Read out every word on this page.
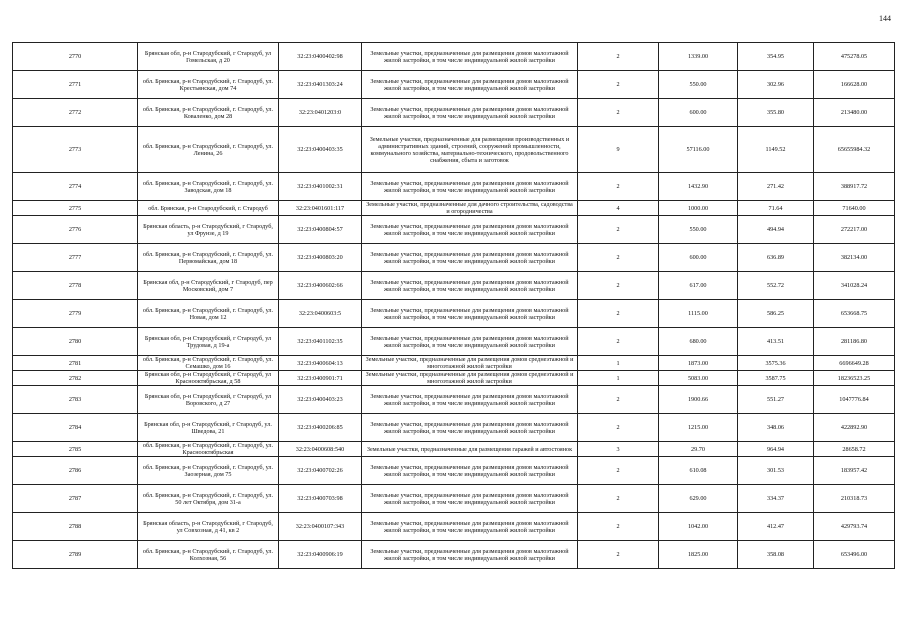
144
2770	Брянская обл, р-н Стародубский, г Стародуб, ул Гомельская, д 20	32:23:0400402:98	Земельные участки, предназначенные для размещения домов малоэтажной жилой застройки, в том числе индивидуальной жилой застройки	2	1339.00	354.95	475278.05
2771	обл. Брянская, р-н Стародубский, г. Стародуб, ул. Крестьянская, дом 74	32:23:0401303:24	Земельные участки, предназначенные для размещения домов малоэтажной жилой застройки, в том числе индивидуальной жилой застройки	2	550.00	302.96	166628.00
2772	обл. Брянская, р-н Стародубский, г. Стародуб, ул. Коваленко, дом 28	32:23:0401203:0	Земельные участки, предназначенные для размещения домов малоэтажной жилой застройки, в том числе индивидуальной жилой застройки	2	600.00	355.80	213480.00
2773	обл. Брянская, р-н Стародубский, г. Стародуб, ул. Ленина, 26	32:23:0400403:35	Земельные участки, предназначенные для размещения производственных и административных зданий, строений, сооружений промышленности, коммунального хозяйства, материально-технического, продовольственного снабжения, сбыта и заготовок	9	57116.00	1149.52	65655984.32
2774	обл. Брянская, р-н Стародубский, г. Стародуб, ул. Заводская, дом 18	32:23:0401002:31	Земельные участки, предназначенные для размещения домов малоэтажной жилой застройки, в том числе индивидуальной жилой застройки	2	1432.90	271.42	388917.72
2775	обл. Брянская, р-н Стародубский, г. Стародуб	32:23:0401601:117	Земельные участки, предназначенные для дачного строительства, садоводства и огородничества	4	1000.00	71.64	71640.00
2776	Брянская область, р-н Стародубский, г Стародуб, ул Фрунзе, д 19	32:23:0400804:57	Земельные участки, предназначенные для размещения домов малоэтажной жилой застройки, в том числе индивидуальной жилой застройки	2	550.00	494.94	272217.00
2777	обл. Брянская, р-н Стародубский, г. Стародуб, ул. Первомайская, дом 18	32:23:0400803:20	Земельные участки, предназначенные для размещения домов малоэтажной жилой застройки, в том числе индивидуальной жилой застройки	2	600.00	636.89	382134.00
2778	Брянская обл, р-н Стародубский, г Стародуб, пер Московский, дом 7	32:23:0400602:66	Земельные участки, предназначенные для размещения домов малоэтажной жилой застройки, в том числе индивидуальной жилой застройки	2	617.00	552.72	341028.24
2779	обл. Брянская, р-н Стародубский, г. Стародуб, ул. Новая, дом 12	32:23:0400603:5	Земельные участки, предназначенные для размещения домов малоэтажной жилой застройки, в том числе индивидуальной жилой застройки	2	1115.00	586.25	653668.75
2780	Брянская обл, р-н Стародубский, г Стародуб, ул Трудовая, д 19-а	32:23:0401102:35	Земельные участки, предназначенные для размещения домов малоэтажной жилой застройки, в том числе индивидуальной жилой застройки	2	680.00	413.51	281186.80
2781	обл. Брянская, р-н Стародубский, г. Стародуб, ул. Семашко, дом 16	32:23:0400604:13	Земельные участки, предназначенные для размещения домов среднеэтажной и многоэтажной жилой застройки	1	1873.00	3575.36	6696649.28
2782	Брянская обл, р-н Стародубский, г Стародуб, ул Краснооктябрьская, д 58	32:23:0400901:71	Земельные участки, предназначенные для размещения домов среднеэтажной и многоэтажной жилой застройки	1	5083.00	3587.75	18236523.25
2783	Брянская обл, р-н Стародубский, г Стародуб, ул Воровского, д 27	32:23:0400403:23	Земельные участки, предназначенные для размещения домов малоэтажной жилой застройки, в том числе индивидуальной жилой застройки	2	1900.66	551.27	1047776.84
2784	Брянская обл, р-н Стародубский, г Стародуб, ул. Шведова, 21	32:23:0400206:85	Земельные участки, предназначенные для размещения домов малоэтажной жилой застройки, в том числе индивидуальной жилой застройки	2	1215.00	348.06	422892.90
2785	обл. Брянская, р-н Стародубский, г. Стародуб, ул. Краснооктябрьская	32:23:0400608:540	Земельные участки, предназначенные для размещения гаражей и автостоянок	3	29.70	964.94	28658.72
2786	обл. Брянская, р-н Стародубский, г. Стародуб, ул. Заозерная, дом 75	32:23:0400702:26	Земельные участки, предназначенные для размещения домов малоэтажной жилой застройки, в том числе индивидуальной жилой застройки	2	610.08	301.53	183957.42
2787	обл. Брянская, р-н Стародубский, г. Стародуб, ул. 50 лет Октября, дом 31-а	32:23:0400703:98	Земельные участки, предназначенные для размещения домов малоэтажной жилой застройки, в том числе индивидуальной жилой застройки	2	629.00	334.37	210318.73
2788	Брянская область, р-н Стародубский, г Стародуб, ул Совхозная, д 41, кв 2	32:23:0400107:343	Земельные участки, предназначенные для размещения домов малоэтажной жилой застройки, в том числе индивидуальной жилой застройки	2	1042.00	412.47	429793.74
2789	обл. Брянская, р-н Стародубский, г. Стародуб, ул. Колхозная, 56	32:23:0400906:19	Земельные участки, предназначенные для размещения домов малоэтажной жилой застройки, в том числе индивидуальной жилой застройки	2	1825.00	358.08	653496.00
